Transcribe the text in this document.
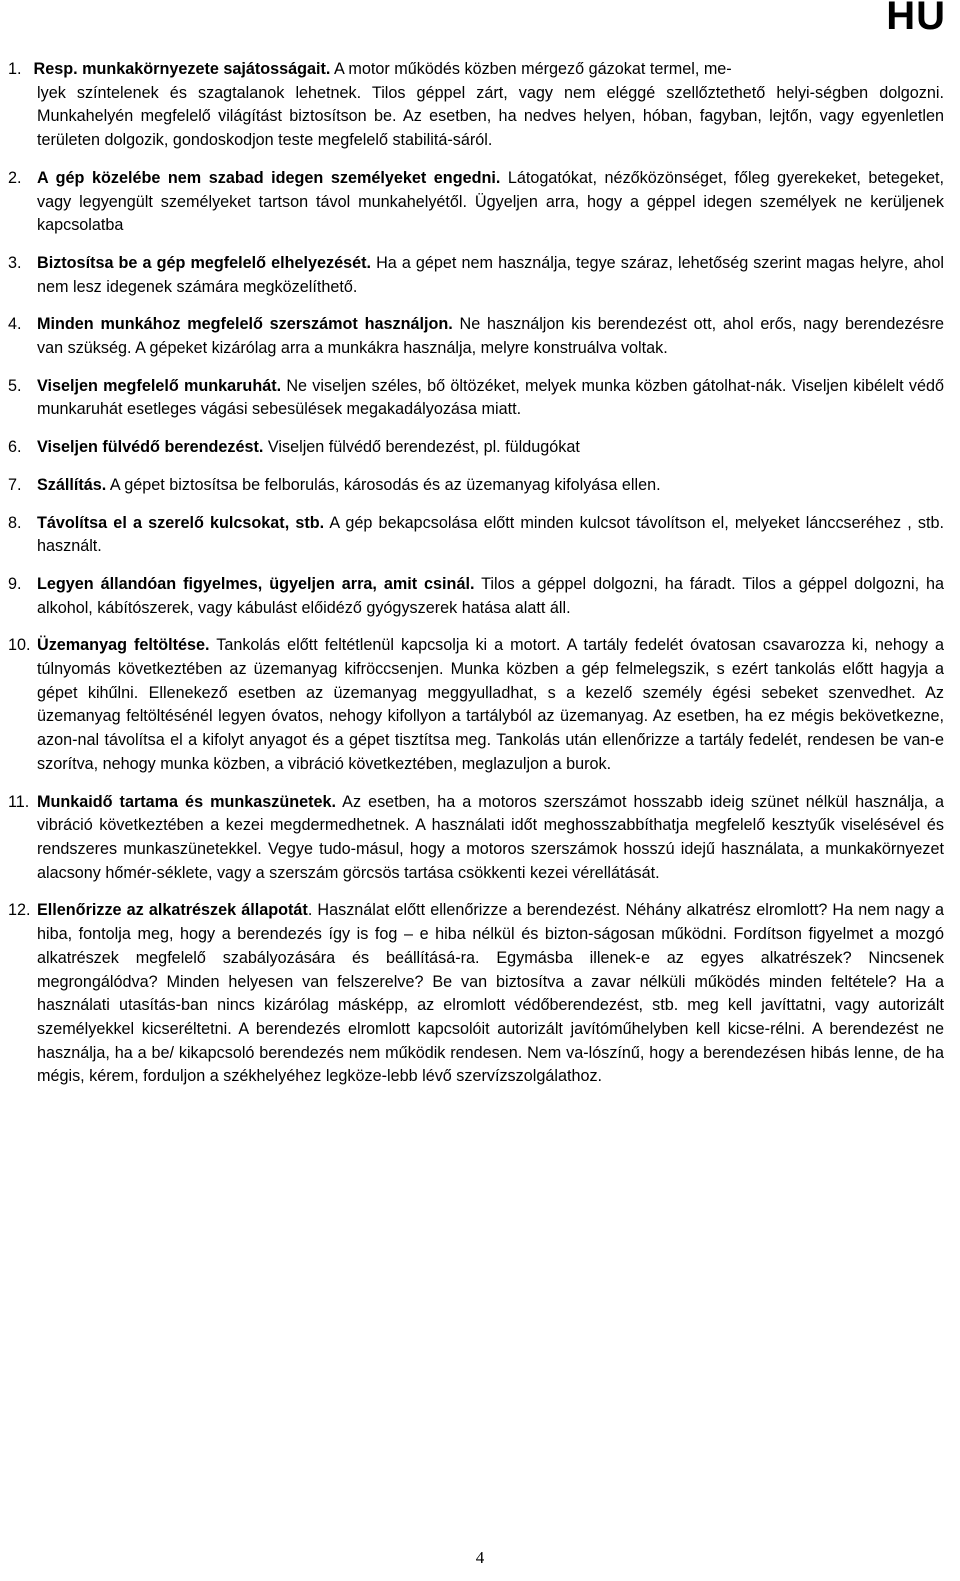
HU
1. Resp. munkakörnyezete sajátosságait. A motor működés közben mérgező gázokat termel, me-
lyek színtelenek és szagtalanok lehetnek. Tilos géppel zárt, vagy nem eléggé szellőztethető helyi-ségben dolgozni. Munkahelyén megfelelő világítást biztosítson be. Az esetben, ha nedves helyen, hóban, fagyban, lejtőn, vagy egyenletlen területen dolgozik, gondoskodjon teste megfelelő stabilitá-sáról.
2. A gép közelébe nem szabad idegen személyeket engedni. Látogatókat, nézőközönséget, főleg gyerekeket, betegeket, vagy legyengült személyeket tartson távol munkahelyétől. Ügyeljen arra, hogy a géppel idegen személyek ne kerüljenek kapcsolatba
3. Biztosítsa be a gép megfelelő elhelyezését. Ha a gépet nem használja, tegye száraz, lehetőség szerint magas helyre, ahol nem lesz idegenek számára megközelíthető.
4. Minden munkához megfelelő szerszámot használjon. Ne használjon kis berendezést ott, ahol erős, nagy berendezésre van szükség. A gépeket kizárólag arra a munkákra használja, melyre konstruálva voltak.
5. Viseljen megfelelő munkaruhát. Ne viseljen széles, bő öltözéket, melyek munka közben gátolhat-nák. Viseljen kibélelt védő munkaruhát esetleges vágási sebesülések megakadályozása miatt.
6. Viseljen fülvédő berendezést. Viseljen fülvédő berendezést, pl. füldugókat
7. Szállítás. A gépet biztosítsa be felborulás, károsodás és az üzemanyag kifolyása ellen.
8. Távolítsa el a szerelő kulcsokat, stb. A gép bekapcsolása előtt minden kulcsot távolítson el, melyeket lánccseréhez , stb. használt.
9. Legyen állandóan figyelmes, ügyeljen arra, amit csinál. Tilos a géppel dolgozni, ha fáradt. Tilos a géppel dolgozni, ha alkohol, kábítószerek, vagy kábulást előidéző gyógyszerek hatása alatt áll.
10. Üzemanyag feltöltése. Tankolás előtt feltétlenül kapcsolja ki a motort. A tartály fedelét óvatosan csavarozza ki, nehogy a túlnyomás következtében az üzemanyag kifröccsenjen. Munka közben a gép felmelegszik, s ezért tankolás előtt hagyja a gépet kihűlni. Ellenekező esetben az üzemanyag meggyulladhat, s a kezelő személy égési sebeket szenvedhet. Az üzemanyag feltöltésénél legyen óvatos, nehogy kifollyon a tartályból az üzemanyag. Az esetben, ha ez mégis bekövetkezne, azon-nal távolítsa el a kifolyt anyagot és a gépet tisztítsa meg. Tankolás után ellenőrizze a tartály fedelét, rendesen be van-e szorítva, nehogy munka közben, a vibráció következtében, meglazuljon a burok.
11. Munkaidő tartama és munkaszünetek. Az esetben, ha a motoros szerszámot hosszabb ideig szünet nélkül használja, a vibráció következtében a kezei megdermedhetnek. A használati időt meghosszabbíthatja megfelelő kesztyűk viselésével és rendszeres munkaszünetekkel. Vegye tudo-másul, hogy a motoros szerszámok hosszú idejű használata, a munkakörnyezet alacsony hőmér-séklete, vagy a szerszám görcsös tartása csökkenti kezei vérellátását.
12. Ellenőrizze az alkatrészek állapotát. Használat előtt ellenőrizze a berendezést. Néhány alkatrész elromlott? Ha nem nagy a hiba, fontolja meg, hogy a berendezés így is fog – e hiba nélkül és bizton-ságosan működni. Fordítson figyelmet a mozgó alkatrészek megfelelő szabályozására és beállításá-ra. Egymásba illenek-e az egyes alkatrészek? Nincsenek megrongálódva? Minden helyesen van felszerelve? Be van biztosítva a zavar nélküli működés minden feltétele? Ha a használati utasítás-ban nincs kizárólag másképp, az elromlott védőberendezést, stb. meg kell javíttatni, vagy autorizált személyekkel kicseréltetni. A berendezés elromlott kapcsolóit autorizált javítóműhelyben kell kicse-rélni. A berendezést ne használja, ha a be/ kikapcsoló berendezés nem működik rendesen. Nem va-lószínű, hogy a berendezésen hibás lenne, de ha mégis, kérem, forduljon a székhelyéhez legköze-lebb lévő szervízszolgálathoz.
4
